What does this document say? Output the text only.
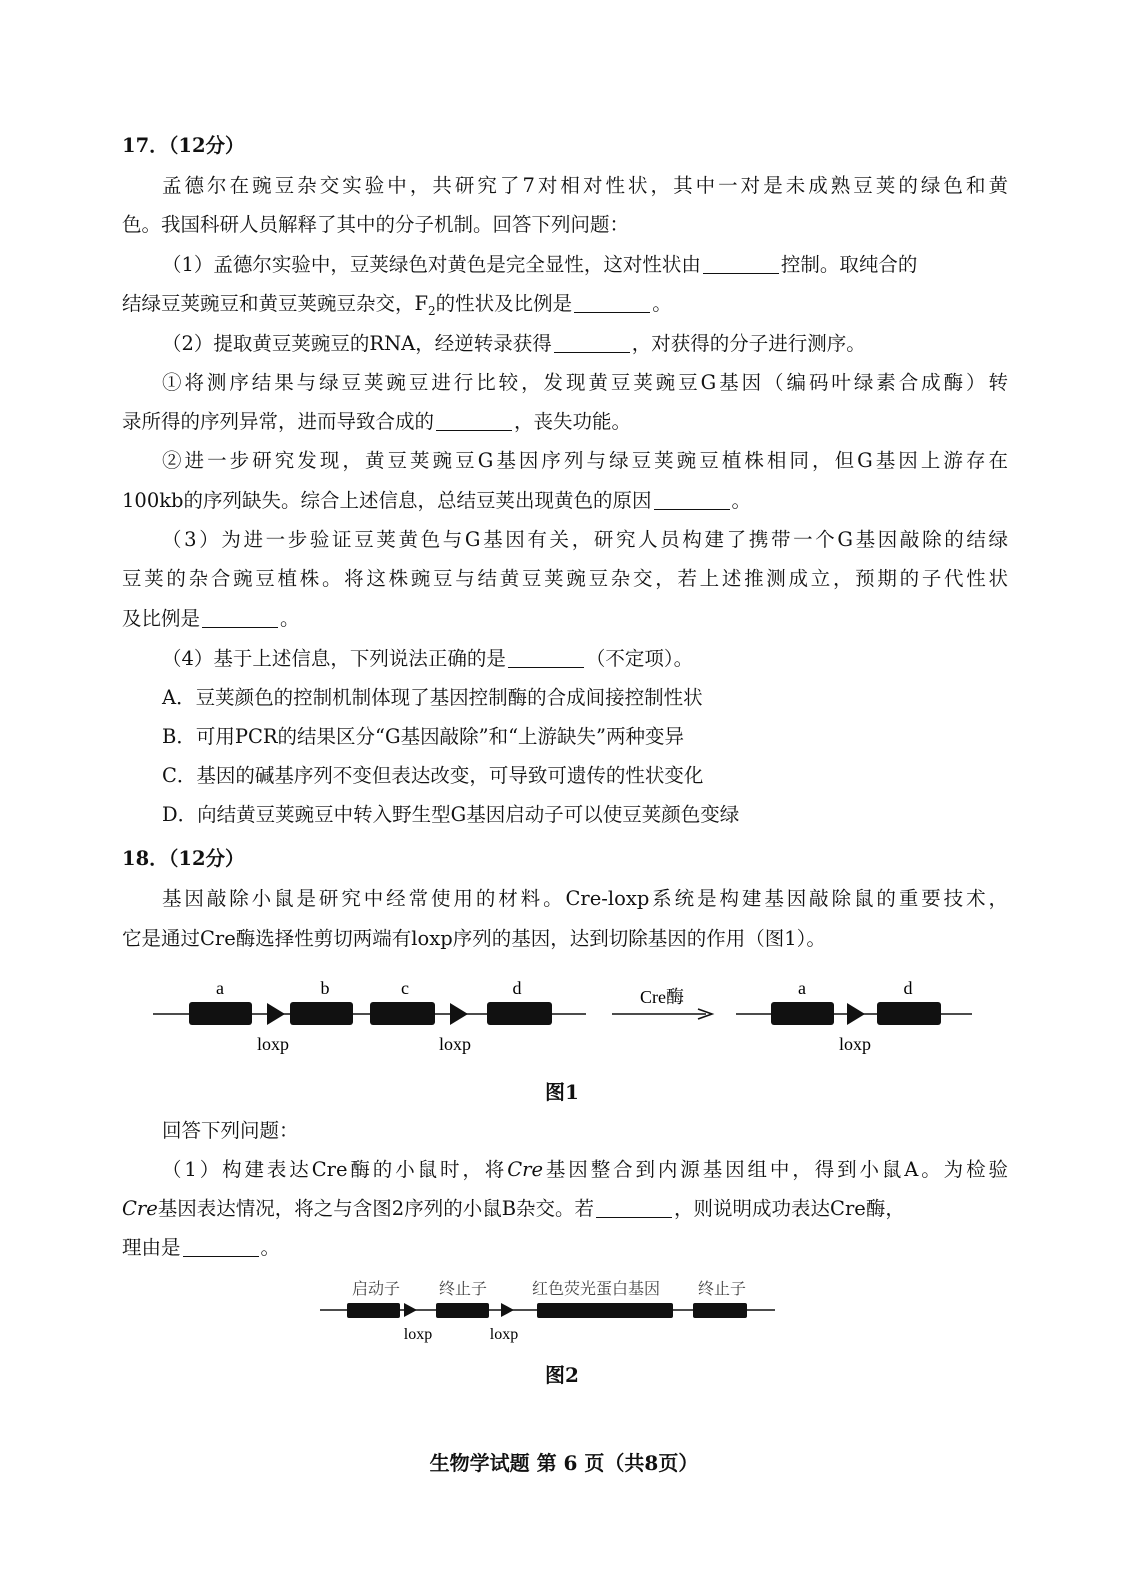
17．（12分）
孟德尔在豌豆杂交实验中，共研究了7对相对性状，其中一对是未成熟豆荚的绿色和黄
色。我国科研人员解释了其中的分子机制。回答下列问题：
（1）孟德尔实验中，豆荚绿色对黄色是完全显性，这对性状由	控制。取纯合的
结绿豆荚豌豆和黄豆荚豌豆杂交，$F_2$的性状及比例是	。
（2）提取黄豆荚豌豆的RNA，经逆转录获得	，对获得的分子进行测序。
①将测序结果与绿豆荚豌豆进行比较，发现黄豆荚豌豆G基因（编码叶绿素合成酶）转
录所得的序列异常，进而导致合成的	，丧失功能。
②进一步研究发现，黄豆荚豌豆G基因序列与绿豆荚豌豆植株相同，但G基因上游存在
100kb的序列缺失。综合上述信息，总结豆荚出现黄色的原因	。
（3）为进一步验证豆荚黄色与G基因有关，研究人员构建了携带一个G基因敲除的结绿
豆荚的杂合豌豆植株。将这株豌豆与结黄豆荚豌豆杂交，若上述推测成立，预期的子代性状
及比例是	。
（4）基于上述信息，下列说法正确的是	（不定项）。
A．豆荚颜色的控制机制体现了基因控制酶的合成间接控制性状
B．可用PCR的结果区分“G基因敲除”和“上游缺失”两种变异
C．基因的碱基序列不变但表达改变，可导致可遗传的性状变化
D．向结黄豆荚豌豆中转入野生型G基因启动子可以使豆荚颜色变绿
18．（12分）
基因敲除小鼠是研究中经常使用的材料。Cre-loxp系统是构建基因敲除鼠的重要技术，
它是通过Cre酶选择性剪切两端有loxp序列的基因，达到切除基因的作用（图1）。
a	b	c	d
loxp	loxp
Cre酶	a	d
loxp
图1
回答下列问题：
（1）构建表达Cre酶的小鼠时，将Cre基因整合到内源基因组中，得到小鼠A。为检验
Cre基因表达情况，将之与含图2序列的小鼠B杂交。若	，则说明成功表达Cre酶，
理由是	。
启动子 终止子	红色荧光蛋白基因 终止子
loxp	loxp
图2
生物学试题 第 6 页（共8页）
